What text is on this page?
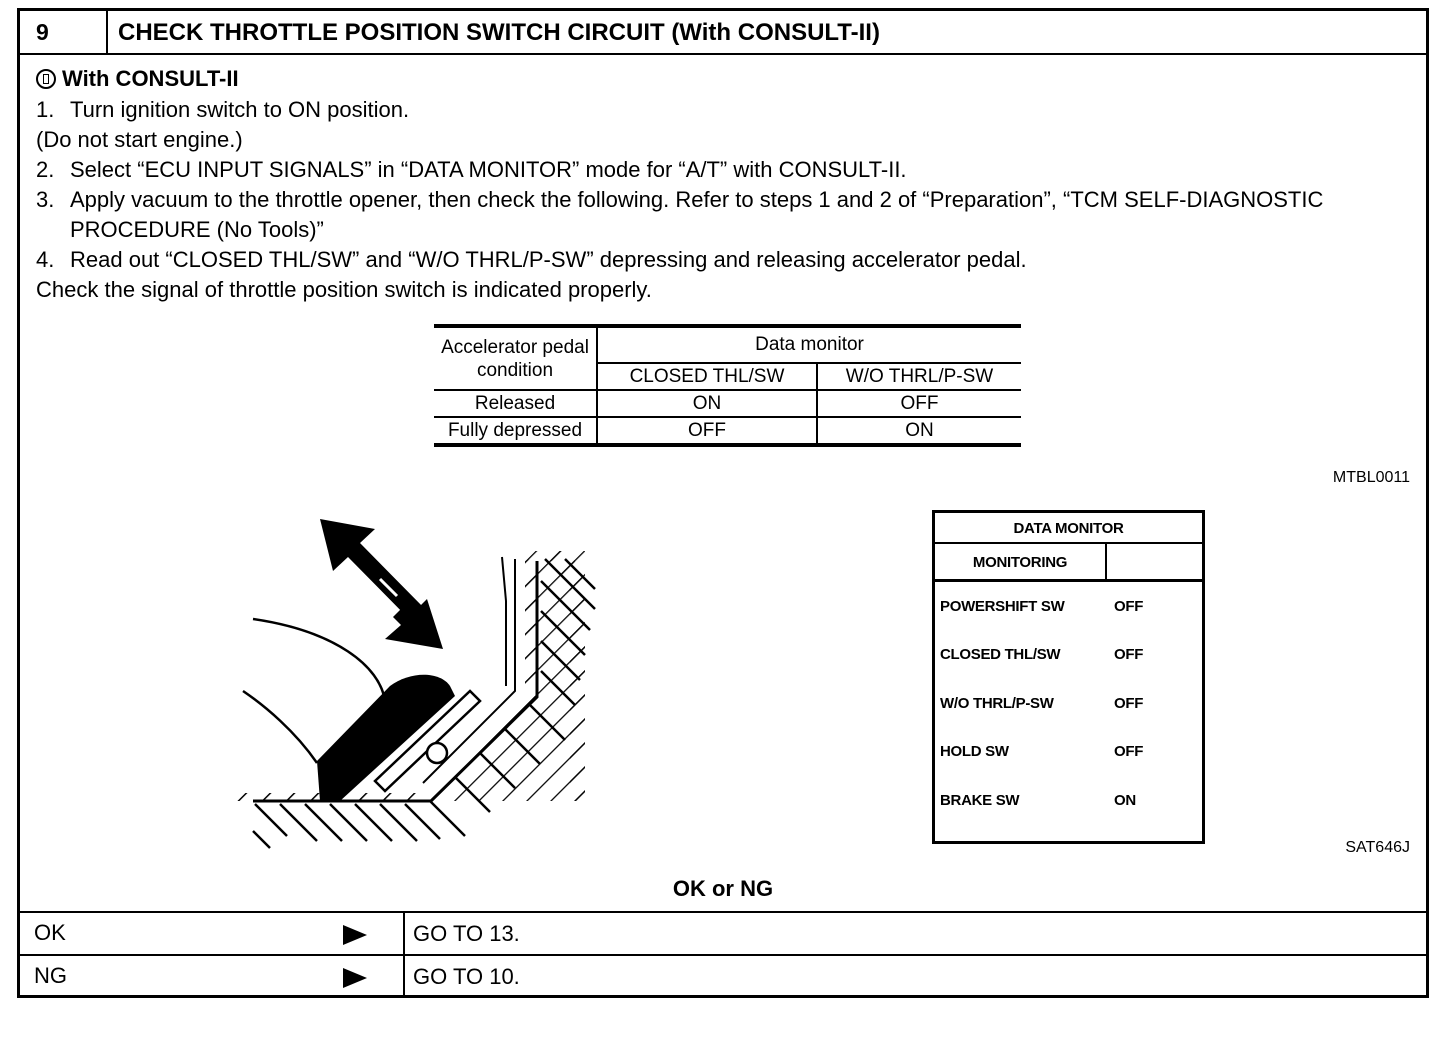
9	CHECK THROTTLE POSITION SWITCH CIRCUIT (With CONSULT-II)
With CONSULT-II
1. Turn ignition switch to ON position.
(Do not start engine.)
2. Select “ECU INPUT SIGNALS” in “DATA MONITOR” mode for “A/T” with CONSULT-II.
3. Apply vacuum to the throttle opener, then check the following. Refer to steps 1 and 2 of “Preparation”, “TCM SELF-DIAGNOSTIC PROCEDURE (No Tools)”
4. Read out “CLOSED THL/SW” and “W/O THRL/P-SW” depressing and releasing accelerator pedal.
Check the signal of throttle position switch is indicated properly.
Accelerator pedal condition	Data monitor	
	CLOSED THL/SW	W/O THRL/P-SW
Released	ON	OFF
Fully depressed	OFF	ON
MTBL0011
DATA MONITOR
MONITORING
POWERSHIFT SW	OFF
CLOSED THL/SW	OFF
W/O THRL/P-SW	OFF
HOLD SW	OFF
BRAKE SW	ON
SAT646J
OK or NG
OK	GO TO 13.
NG	GO TO 10.
